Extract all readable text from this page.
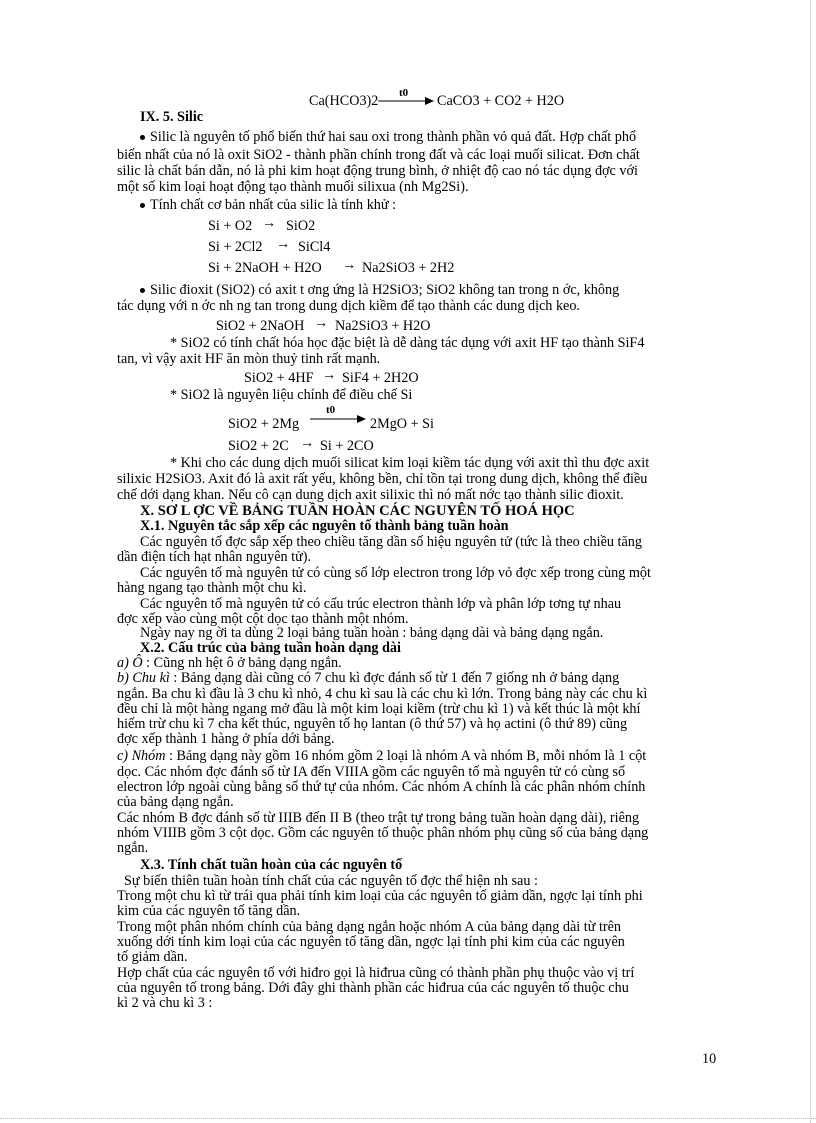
Ca(HCO3)2 t0 → CaCO3 + CO2 + H2O
IX. 5. Silic
Silic là nguyên tố phổ biến thứ hai sau oxi trong thành phần vỏ quả đất. Hợp chất phổ
biến nhất của nó là oxit SiO2 - thành phần chính trong đất và các loại muối silicat. Đơn chất
silic là chất bán dẫn, nó là phi kim hoạt động trung bình, ở nhiệt độ cao nó tác dụng đợc với
một số kim loại hoạt động tạo thành muối silixua (nh Mg2Si).
Tính chất cơ bản nhất của silic là tính khử :
Si + O2 → SiO2
Si + 2Cl2 → SiCl4
Si + 2NaOH + H2O → Na2SiO3 + 2H2
Silic đioxit (SiO2) có axit t ơng ứng là H2SiO3; SiO2 không tan trong n ớc, không
tác dụng với n ớc nh ng tan trong dung dịch kiềm để tạo thành các dung dịch keo.
SiO2 + 2NaOH → Na2SiO3 + H2O
* SiO2 có tính chất hóa học đặc biệt là dễ dàng tác dụng với axit HF tạo thành SiF4
tan, vì vậy axit HF ăn mòn thuỷ tinh rất mạnh.
SiO2 + 4HF → SiF4 + 2H2O
* SiO2 là nguyên liệu chính để điều chế Si
SiO2 + 2Mg
t0
→ 2MgO + Si
SiO2 + 2C → Si + 2CO
* Khi cho các dung dịch muối silicat kim loại kiềm tác dụng với axit thì thu đợc axit
silixic H2SiO3. Axit đó là axit rất yếu, không bền, chỉ tồn tại trong dung dịch, không thể điều
chế dới dạng khan. Nếu cô cạn dung dịch axit silixic thì nó mất nớc tạo thành silic đioxit.
X. SƠ L ỢC VỀ BẢNG TUẦN HOÀN CÁC NGUYÊN TỐ HOÁ HỌC
X.1. Nguyên tắc sắp xếp các nguyên tố thành bảng tuần hoàn
Các nguyên tố đợc sắp xếp theo chiều tăng dần số hiệu nguyên tử (tức là theo chiều tăng
dần điện tích hạt nhân nguyên tử).
Các nguyên tố mà nguyên tử có cùng số lớp electron trong lớp vỏ đợc xếp trong cùng một
hàng ngang tạo thành một chu kì.
Các nguyên tố mà nguyên tử có cấu trúc electron thành lớp và phân lớp tơng tự nhau
đợc xếp vào cùng một cột dọc tạo thành một nhóm.
Ngày nay ng ời ta dùng 2 loại bảng tuần hoàn : bảng dạng dài và bảng dạng ngắn.
X.2. Cấu trúc của bảng tuần hoàn dạng dài
a) Ô : Cũng nh hệt ô ở bảng dạng ngắn.
b) Chu kì : Bảng dạng dài cũng có 7 chu kì đợc đánh số từ 1 đến 7 giống nh ở bảng dạng
ngắn. Ba chu kì đầu là 3 chu kì nhỏ, 4 chu kì sau là các chu kì lớn. Trong bảng này các chu kì
đều chỉ là một hàng ngang mở đầu là một kim loại kiềm (trừ chu kì 1) và kết thúc là một khí
hiếm trừ chu kì 7 cha kết thúc, nguyên tố họ lantan (ô thứ 57) và họ actini (ô thứ 89) cũng
đợc xếp thành 1 hàng ở phía dới bảng.
c) Nhóm : Bảng dạng này gồm 16 nhóm gồm 2 loại là nhóm A và nhóm B, mỗi nhóm là 1 cột
dọc. Các nhóm đợc đánh số từ IA đến VIIIA gồm các nguyên tố mà nguyên tử có cùng số
electron lớp ngoài cùng bằng số thứ tự của nhóm. Các nhóm A chính là các phân nhóm chính
của bảng dạng ngắn.
Các nhóm B đợc đánh số từ IIIB đến II B (theo trật tự trong bảng tuần hoàn dạng dài), riêng
nhóm VIIIB gồm 3 cột dọc. Gồm các nguyên tố thuộc phân nhóm phụ cũng số của bảng dạng
ngắn.
X.3. Tính chất tuần hoàn của các nguyên tố
Sự biến thiên tuần hoàn tính chất của các nguyên tố đợc thể hiện nh sau :
Trong một chu kì từ trái qua phải tính kim loại của các nguyên tố giảm dần, ngợc lại tính phi
kim của các nguyên tố tăng dần.
Trong một phân nhóm chính của bảng dạng ngắn hoặc nhóm A của bảng dạng dài từ trên
xuống dới tính kim loại của các nguyên tố tăng dần, ngợc lại tính phi kim của các nguyên
tố giảm dần.
Hợp chất của các nguyên tố với hiđro gọi là hiđrua cũng có thành phần phụ thuộc vào vị trí
của nguyên tố trong bảng. Dới đây ghi thành phần các hiđrua của các nguyên tố thuộc chu
kì 2 và chu kì 3 :
10
